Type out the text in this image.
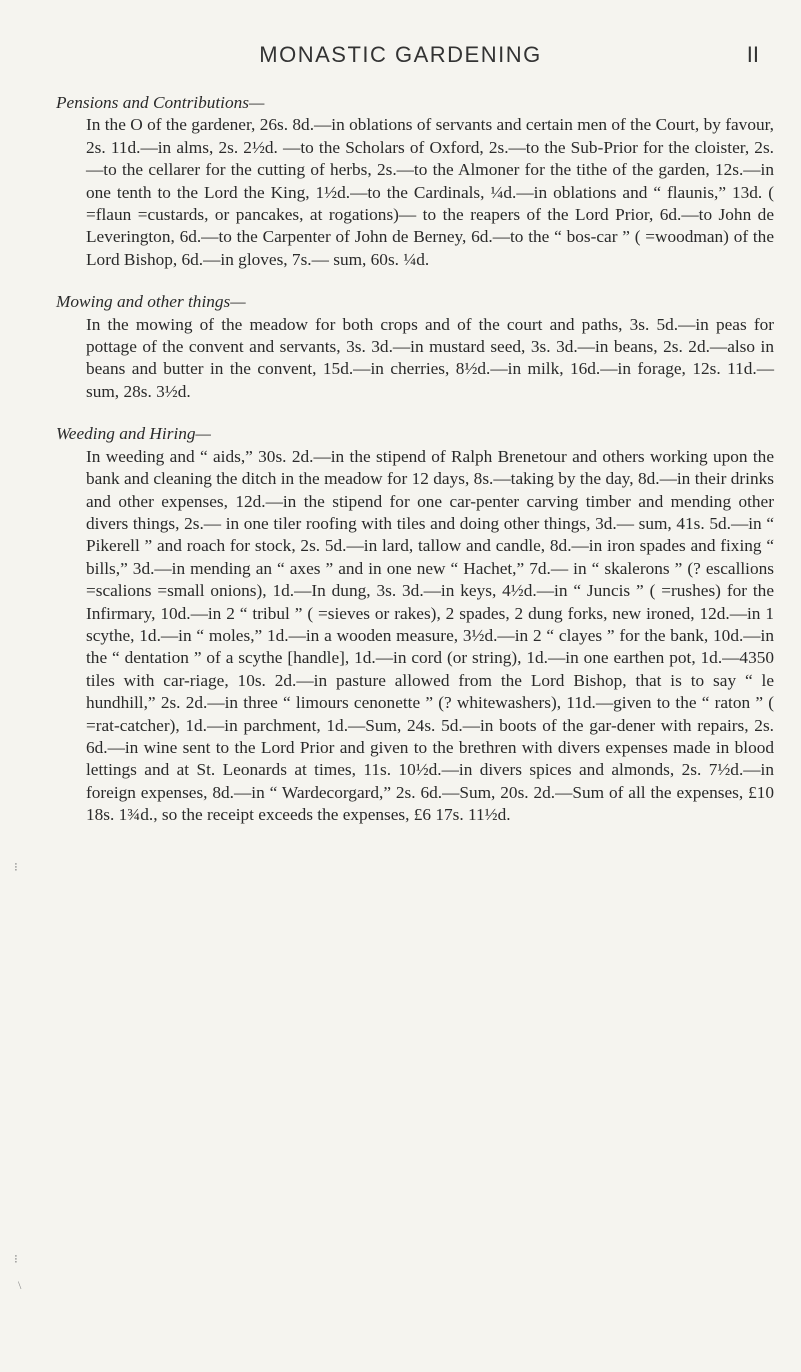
MONASTIC GARDENING	II
Pensions and Contributions—
In the O of the gardener, 26s. 8d.—in oblations of servants and certain men of the Court, by favour, 2s. 11d.—in alms, 2s. 2½d. —to the Scholars of Oxford, 2s.—to the Sub-Prior for the cloister, 2s.—to the cellarer for the cutting of herbs, 2s.—to the Almoner for the tithe of the garden, 12s.—in one tenth to the Lord the King, 1½d.—to the Cardinals, ¼d.—in oblations and “ flaunis,” 13d. ( =flaun =custards, or pancakes, at rogations)— to the reapers of the Lord Prior, 6d.—to John de Leverington, 6d.—to the Carpenter of John de Berney, 6d.—to the “ bos-car ” ( =woodman) of the Lord Bishop, 6d.—in gloves, 7s.— sum, 60s. ¼d.
Mowing and other things—
In the mowing of the meadow for both crops and of the court and paths, 3s. 5d.—in peas for pottage of the convent and servants, 3s. 3d.—in mustard seed, 3s. 3d.—in beans, 2s. 2d.—also in beans and butter in the convent, 15d.—in cherries, 8½d.—in milk, 16d.—in forage, 12s. 11d.—sum, 28s. 3½d.
Weeding and Hiring—
In weeding and “ aids,” 30s. 2d.—in the stipend of Ralph Brenetour and others working upon the bank and cleaning the ditch in the meadow for 12 days, 8s.—taking by the day, 8d.—in their drinks and other expenses, 12d.—in the stipend for one car-penter carving timber and mending other divers things, 2s.— in one tiler roofing with tiles and doing other things, 3d.— sum, 41s. 5d.—in “ Pikerell ” and roach for stock, 2s. 5d.—in lard, tallow and candle, 8d.—in iron spades and fixing “ bills,” 3d.—in mending an “ axes ” and in one new “ Hachet,” 7d.— in “ skalerons ” (? escallions =scalions =small onions), 1d.—In dung, 3s. 3d.—in keys, 4½d.—in “ Juncis ” ( =rushes) for the Infirmary, 10d.—in 2 “ tribul ” ( =sieves or rakes), 2 spades, 2 dung forks, new ironed, 12d.—in 1 scythe, 1d.—in “ moles,” 1d.—in a wooden measure, 3½d.—in 2 “ clayes ” for the bank, 10d.—in the “ dentation ” of a scythe [handle], 1d.—in cord (or string), 1d.—in one earthen pot, 1d.—4350 tiles with car-riage, 10s. 2d.—in pasture allowed from the Lord Bishop, that is to say “ le hundhill,” 2s. 2d.—in three “ limours cenonette ” (? whitewashers), 11d.—given to the “ raton ” ( =rat-catcher), 1d.—in parchment, 1d.—Sum, 24s. 5d.—in boots of the gar-dener with repairs, 2s. 6d.—in wine sent to the Lord Prior and given to the brethren with divers expenses made in blood lettings and at St. Leonards at times, 11s. 10½d.—in divers spices and almonds, 2s. 7½d.—in foreign expenses, 8d.—in “ Wardecorgard,” 2s. 6d.—Sum, 20s. 2d.—Sum of all the expenses, £10 18s. 1¾d., so the receipt exceeds the expenses, £6 17s. 11½d.
⁝
⁝
\
